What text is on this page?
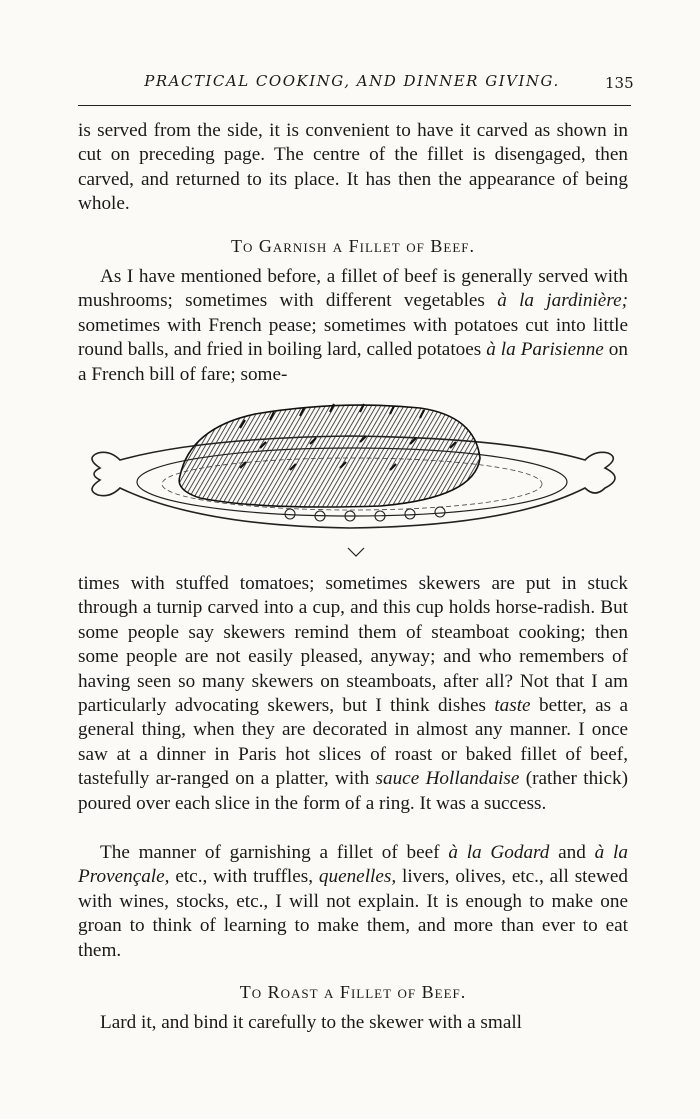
PRACTICAL COOKING, AND DINNER GIVING.	135

is served from the side, it is convenient to have it carved as shown in cut on preceding page. The centre of the fillet is disengaged, then carved, and returned to its place. It has then the appearance of being whole.

To Garnish a Fillet of Beef.

As I have mentioned before, a fillet of beef is generally served with mushrooms; sometimes with different vegetables à la jardinière; sometimes with French pease; sometimes with potatoes cut into little round balls, and fried in boiling lard, called potatoes à la Parisienne on a French bill of fare; some-

times with stuffed tomatoes; sometimes skewers are put in stuck through a turnip carved into a cup, and this cup holds horse-radish. But some people say skewers remind them of steamboat cooking; then some people are not easily pleased, anyway; and who remembers of having seen so many skewers on steamboats, after all? Not that I am particularly advocating skewers, but I think dishes taste better, as a general thing, when they are decorated in almost any manner. I once saw at a dinner in Paris hot slices of roast or baked fillet of beef, tastefully ar-ranged on a platter, with sauce Hollandaise (rather thick) poured over each slice in the form of a ring. It was a success.

The manner of garnishing a fillet of beef à la Godard and à la Provençale, etc., with truffles, quenelles, livers, olives, etc., all stewed with wines, stocks, etc., I will not explain. It is enough to make one groan to think of learning to make them, and more than ever to eat them.

To Roast a Fillet of Beef.

Lard it, and bind it carefully to the skewer with a small
